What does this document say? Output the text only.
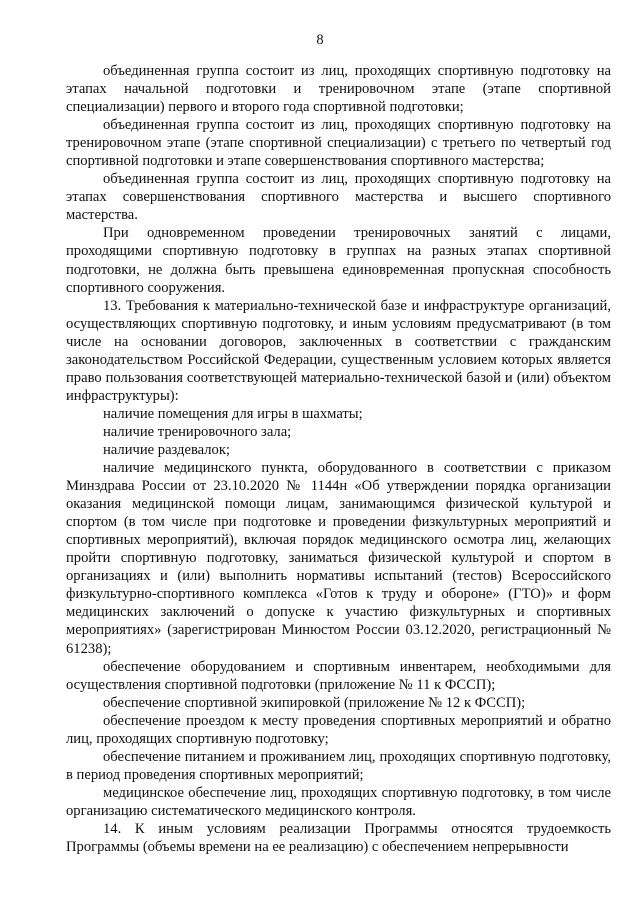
8

объединенная группа состоит из лиц, проходящих спортивную подготовку на этапах начальной подготовки и тренировочном этапе (этапе спортивной специализации) первого и второго года спортивной подготовки;

объединенная группа состоит из лиц, проходящих спортивную подготовку на тренировочном этапе (этапе спортивной специализации) с третьего по четвертый год спортивной подготовки и этапе совершенствования спортивного мастерства;

объединенная группа состоит из лиц, проходящих спортивную подготовку на этапах совершенствования спортивного мастерства и высшего спортивного мастерства.

При одновременном проведении тренировочных занятий с лицами, проходящими спортивную подготовку в группах на разных этапах спортивной подготовки, не должна быть превышена единовременная пропускная способность спортивного сооружения.

13. Требования к материально-технической базе и инфраструктуре организаций, осуществляющих спортивную подготовку, и иным условиям предусматривают (в том числе на основании договоров, заключенных в соответствии с гражданским законодательством Российской Федерации, существенным условием которых является право пользования соответствующей материально-технической базой и (или) объектом инфраструктуры):

наличие помещения для игры в шахматы;

наличие тренировочного зала;

наличие раздевалок;

наличие медицинского пункта, оборудованного в соответствии с приказом Минздрава России от 23.10.2020 № 1144н «Об утверждении порядка организации оказания медицинской помощи лицам, занимающимся физической культурой и спортом (в том числе при подготовке и проведении физкультурных мероприятий и спортивных мероприятий), включая порядок медицинского осмотра лиц, желающих пройти спортивную подготовку, заниматься физической культурой и спортом в организациях и (или) выполнить нормативы испытаний (тестов) Всероссийского физкультурно-спортивного комплекса «Готов к труду и обороне» (ГТО)» и форм медицинских заключений о допуске к участию физкультурных и спортивных мероприятиях» (зарегистрирован Минюстом России 03.12.2020, регистрационный № 61238);

обеспечение оборудованием и спортивным инвентарем, необходимыми для осуществления спортивной подготовки (приложение № 11 к ФССП);

обеспечение спортивной экипировкой (приложение № 12 к ФССП);

обеспечение проездом к месту проведения спортивных мероприятий и обратно лиц, проходящих спортивную подготовку;

обеспечение питанием и проживанием лиц, проходящих спортивную подготовку, в период проведения спортивных мероприятий;

медицинское обеспечение лиц, проходящих спортивную подготовку, в том числе организацию систематического медицинского контроля.

14. К иным условиям реализации Программы относятся трудоемкость Программы (объемы времени на ее реализацию) с обеспечением непрерывности
